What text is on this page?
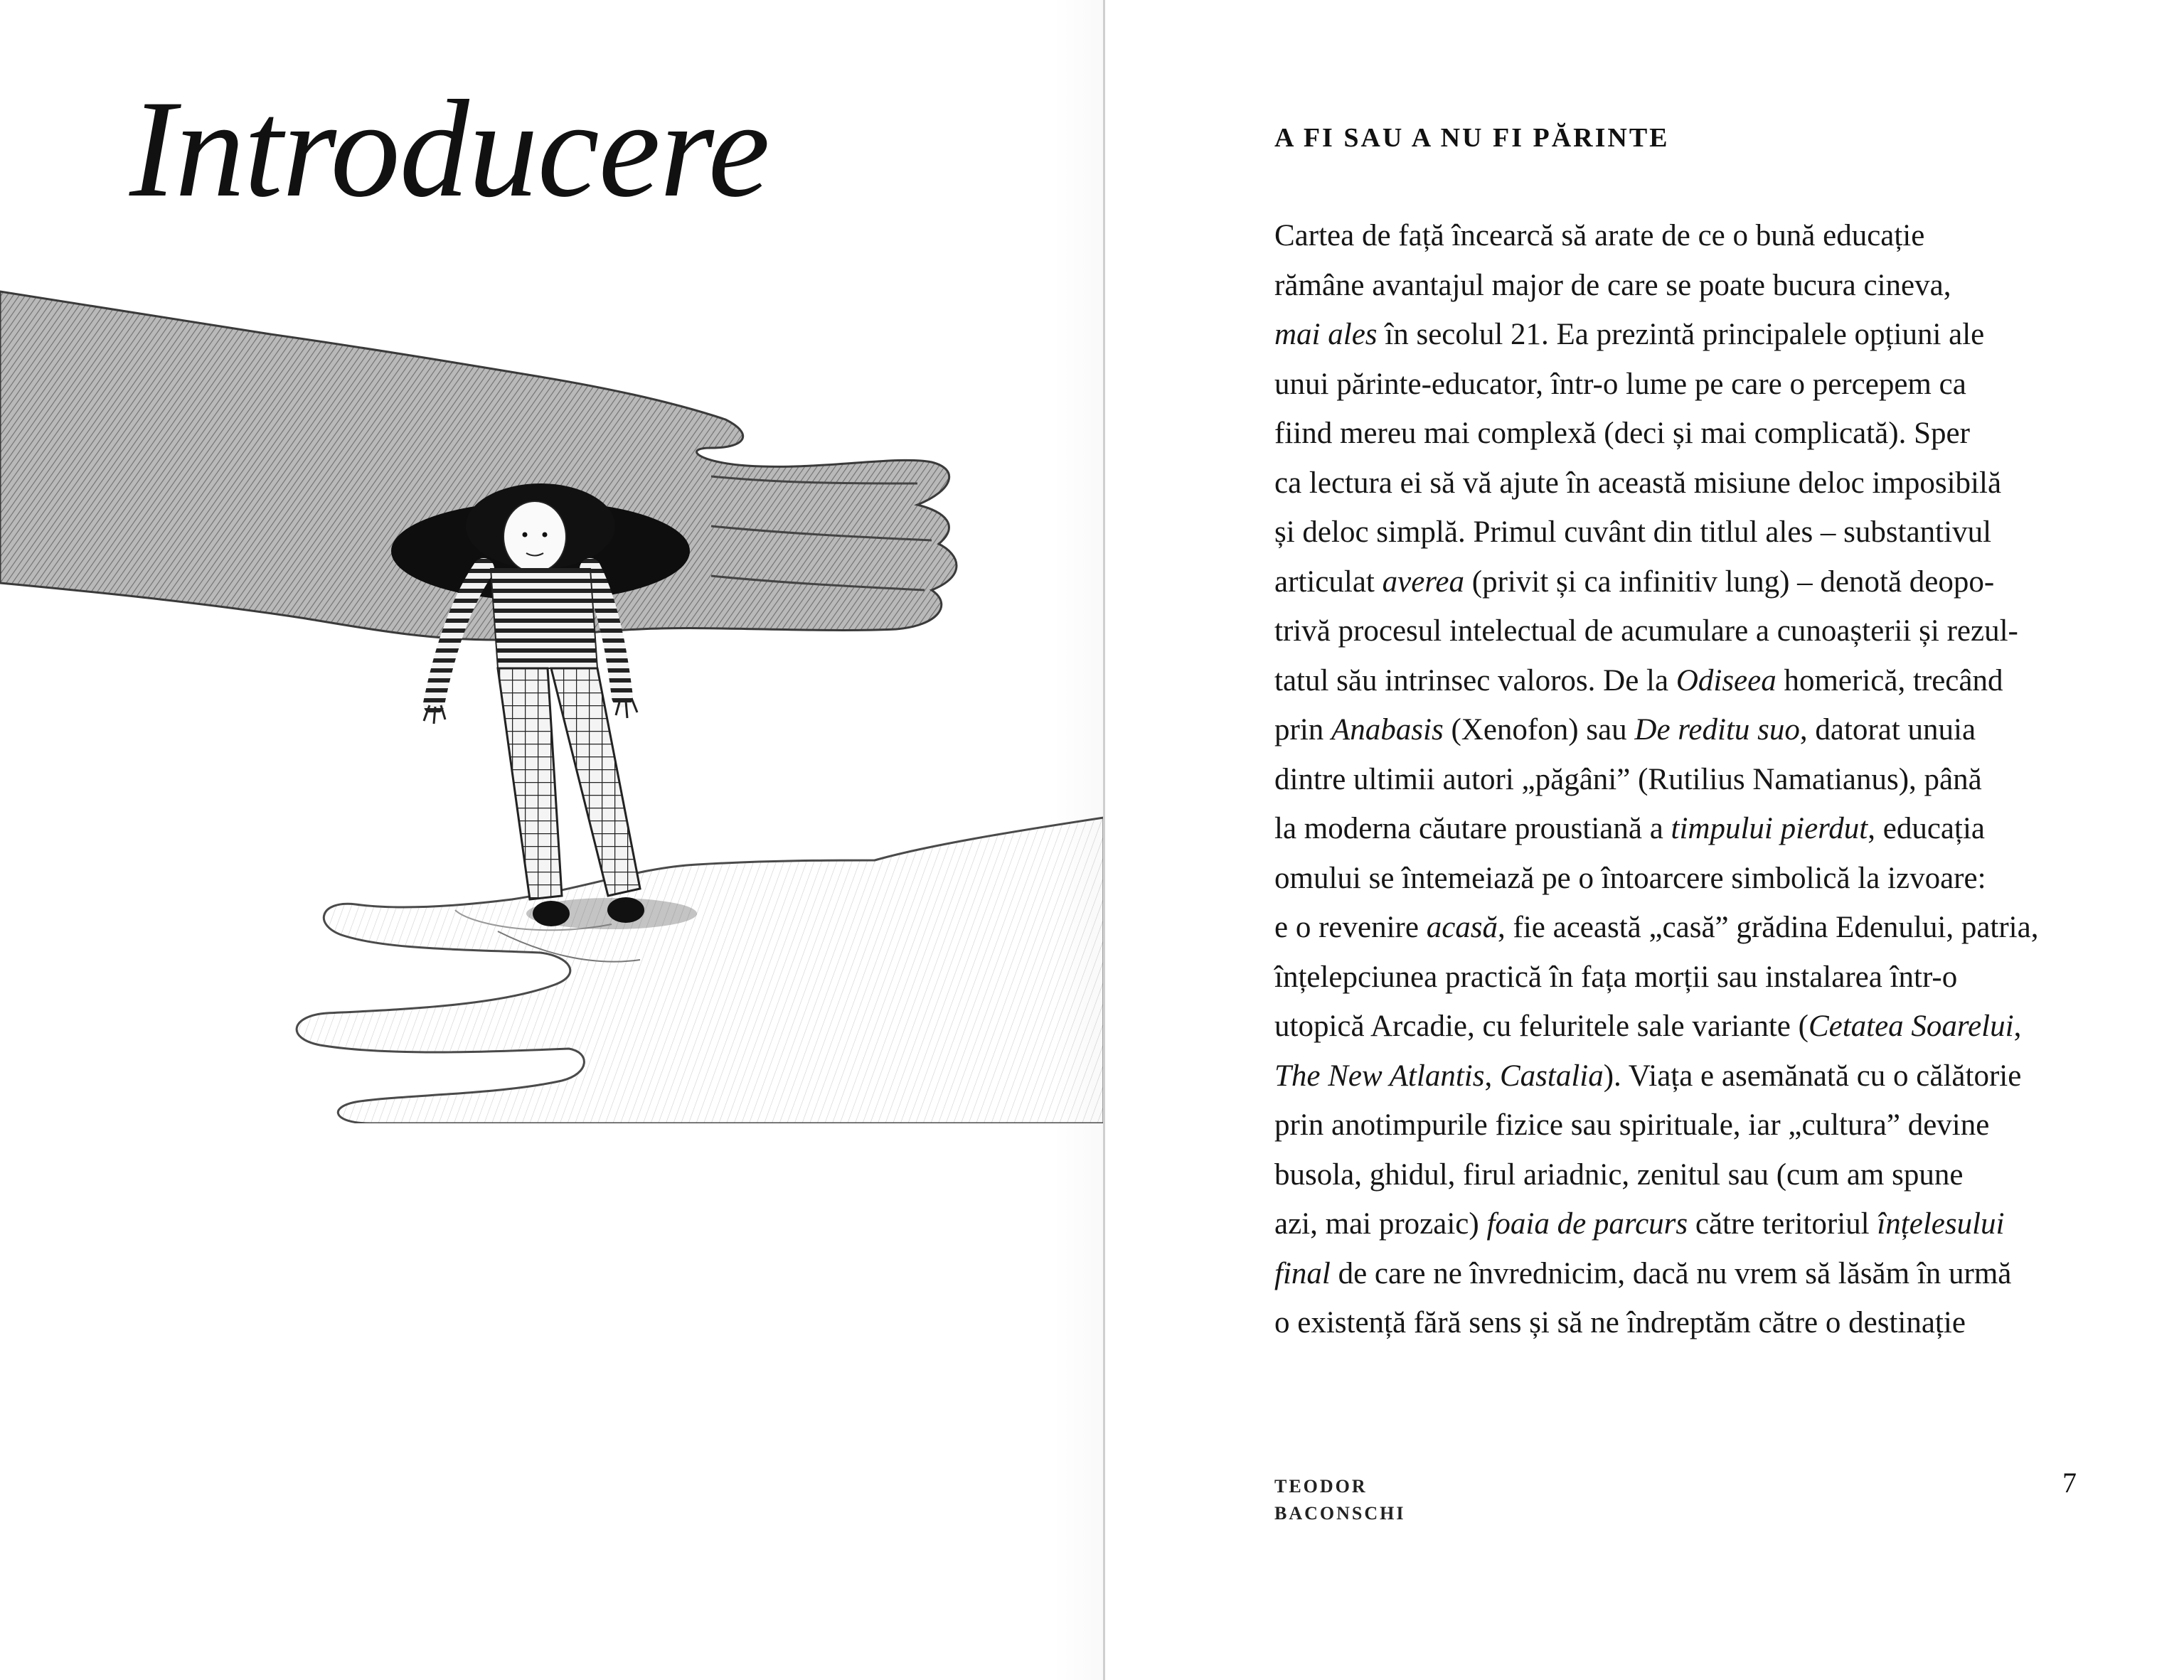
Introducere	A FI SAU A NU FI PĂRINTE
Cartea de față încearcă să arate de ce o bună educație
rămâne avantajul major de care se poate bucura cineva,
mai ales în secolul 21. Ea prezintă principalele opțiuni ale
unui părinte-educator, într-o lume pe care o percepem ca
fiind mereu mai complexă (deci și mai complicată). Sper
ca lectura ei să vă ajute în această misiune deloc imposibilă
și deloc simplă. Primul cuvânt din titlul ales – substantivul
articulat averea (privit și ca infinitiv lung) – denotă deopo-
trivă procesul intelectual de acumulare a cunoașterii și rezul-
tatul său intrinsec valoros. De la Odiseea homerică, trecând
prin Anabasis (Xenofon) sau De reditu suo, datorat unuia
dintre ultimii autori „păgâni” (Rutilius Namatianus), până
la moderna căutare proustiană a timpului pierdut, educația
omului se întemeiază pe o întoarcere simbolică la izvoare:
e o revenire acasă, fie această „casă” grădina Edenului, patria,
înțelepciunea practică în fața morții sau instalarea într-o
utopică Arcadie, cu feluritele sale variante (Cetatea Soarelui,
The New Atlantis, Castalia). Viața e asemănată cu o călătorie
prin anotimpurile fizice sau spirituale, iar „cultura” devine
busola, ghidul, firul ariadnic, zenitul sau (cum am spune
azi, mai prozaic) foaia de parcurs către teritoriul înțelesului
final de care ne învrednicim, dacă nu vrem să lăsăm în urmă
o existență fără sens și să ne îndreptăm către o destinație
TEODOR
BACONSCHI
7
